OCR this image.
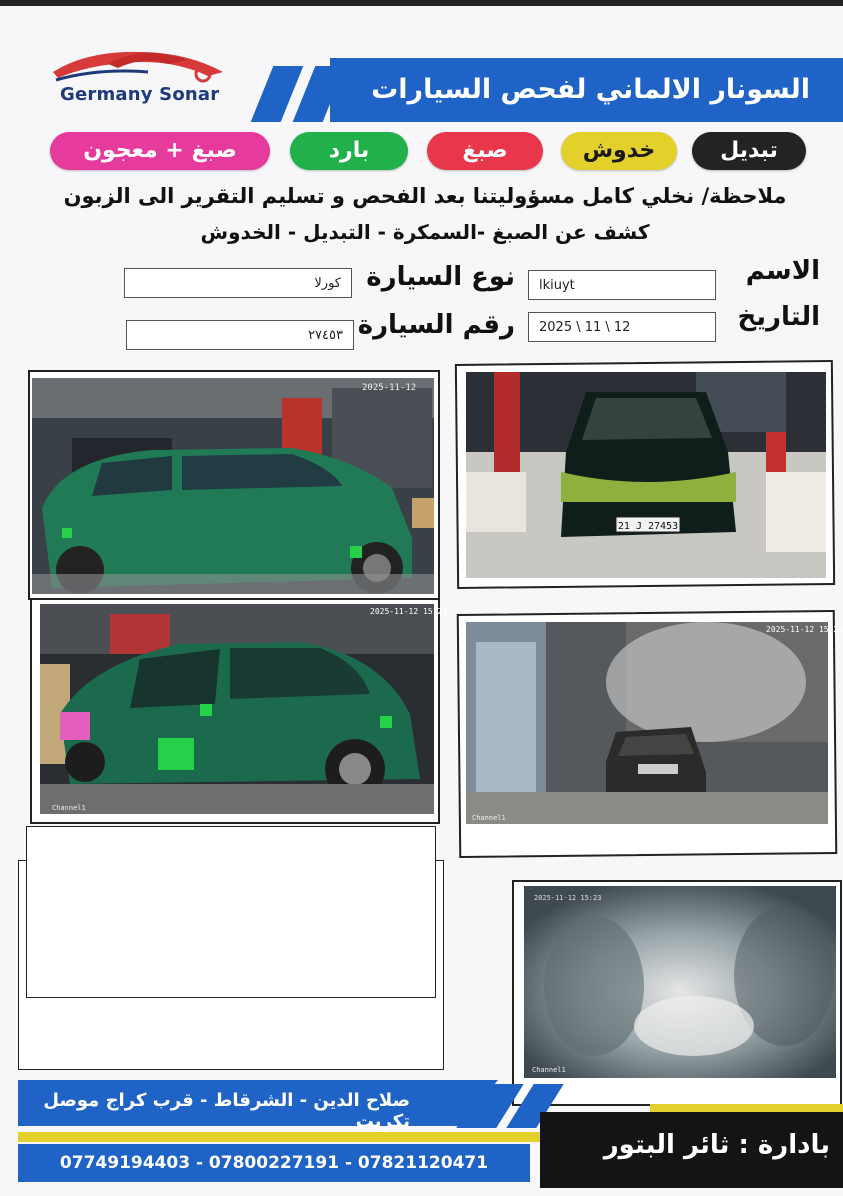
Germany Sonar	السونار الالماني لفحص السيارات
تبديل
خدوش
صبغ
بارد
صبغ + معجون
ملاحظة/ نخلي كامل مسؤوليتنا بعد الفحص و تسليم التقرير الى الزبون
كشف عن الصبغ -السمكرة - التبديل - الخدوش
الاسم
lkiuyt
التاريخ
2025 \ 11 \ 12
نوع السيارة
كورلا
رقم السيارة
٢٧٤٥٣
2025-11-12
21 J 27453
2025-11-12 15:23
Channel1
2025-11-12 15:23
Channel1
2025-11-12 15:23
Channel1
صلاح الدين - الشرقاط - قرب كراج موصل تكريت
07749194403 - 07800227191 - 07821120471
بادارة : ثائر البتور
